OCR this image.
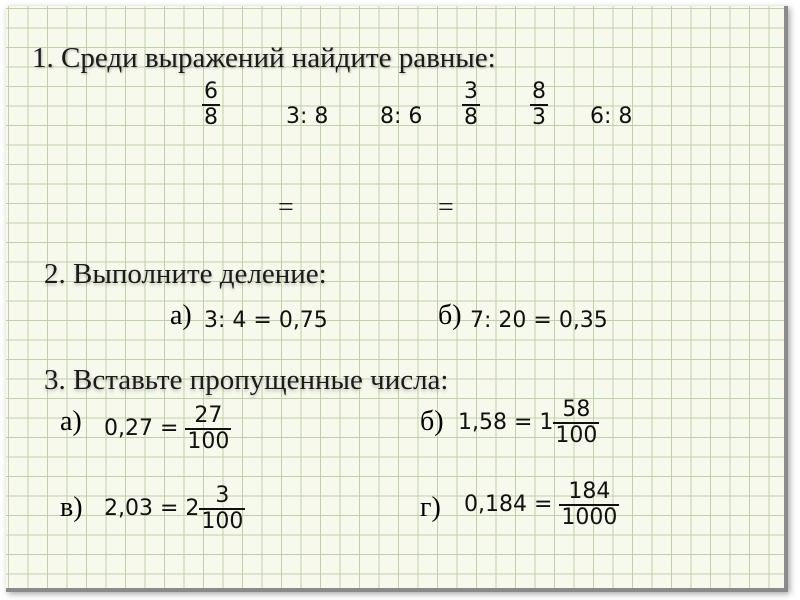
1. Среди выражений найдите равные:
$\frac{6}{8}$	3: 8 8: $6 \frac{3}{8} \frac{8}{3} 6$: 8
=	=
2. Выполните деление:
а) 3: 4 = 0,75	б) 7: 20 = 0,35
3. Вставьте пропущенные числа:
а) $0,27 = \frac{27}{100}$	б) $1,58 = 1 \frac{58}{100}$
в) $2,03 = 2 \frac{3}{100}$	г) $0,184 = \frac{184}{1000}$
